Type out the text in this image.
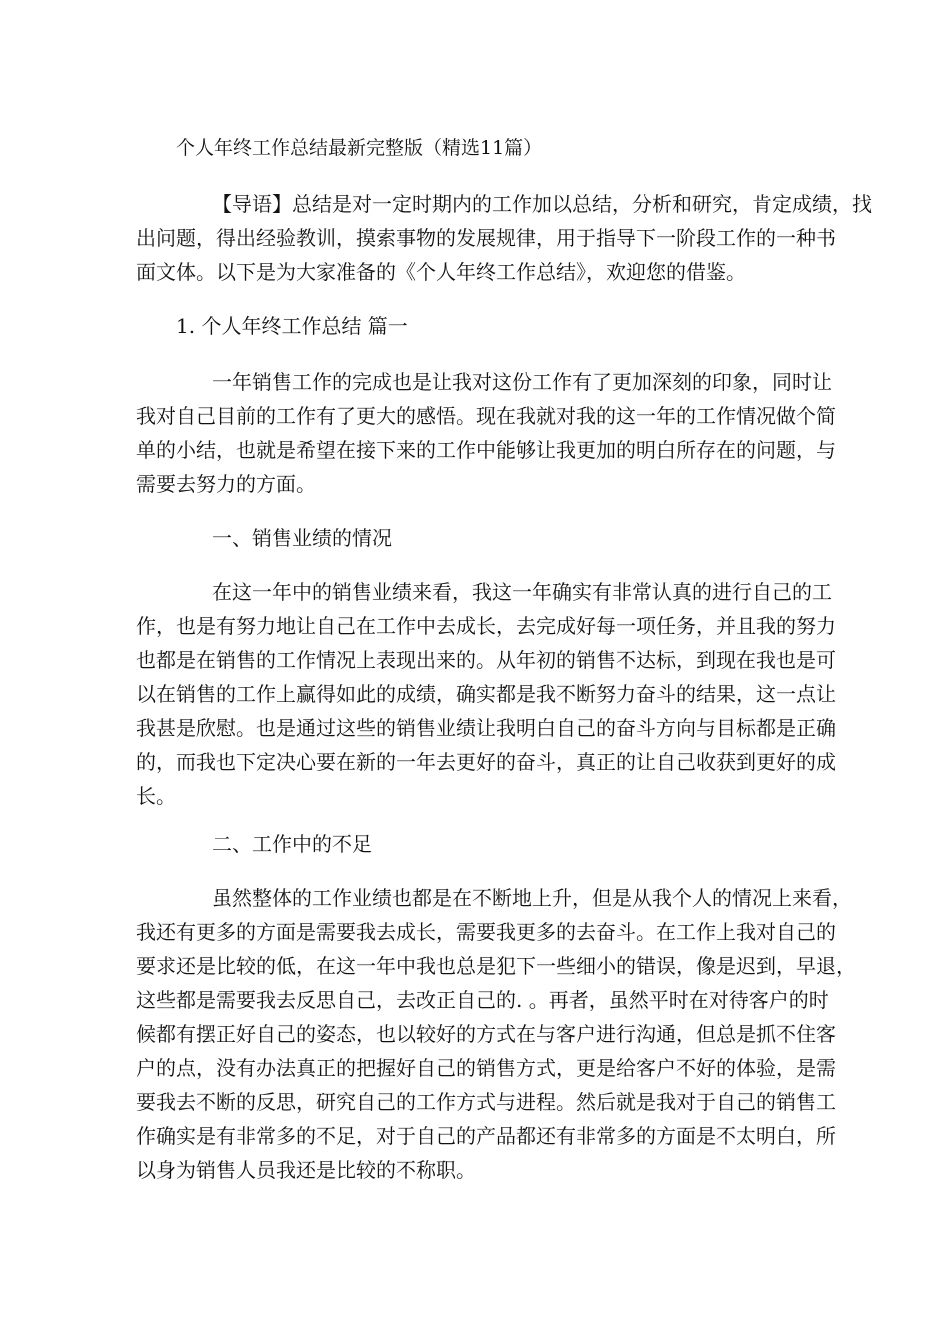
个人年终工作总结最新完整版（精选11篇）

【导语】总结是对一定时期内的工作加以总结，分析和研究，肯定成绩，找

出问题，得出经验教训，摸索事物的发展规律，用于指导下一阶段工作的一种书

面文体。以下是为大家准备的《个人年终工作总结》，欢迎您的借鉴。

1. 个人年终工作总结 篇一

一年销售工作的完成也是让我对这份工作有了更加深刻的印象，同时让

我对自己目前的工作有了更大的感悟。现在我就对我的这一年的工作情况做个简

单的小结，也就是希望在接下来的工作中能够让我更加的明白所存在的问题，与

需要去努力的方面。

一、销售业绩的情况

在这一年中的销售业绩来看，我这一年确实有非常认真的进行自己的工

作，也是有努力地让自己在工作中去成长，去完成好每一项任务，并且我的努力

也都是在销售的工作情况上表现出来的。从年初的销售不达标，到现在我也是可

以在销售的工作上赢得如此的成绩，确实都是我不断努力奋斗的结果，这一点让

我甚是欣慰。也是通过这些的销售业绩让我明白自己的奋斗方向与目标都是正确

的，而我也下定决心要在新的一年去更好的奋斗，真正的让自己收获到更好的成

长。

二、工作中的不足

虽然整体的工作业绩也都是在不断地上升，但是从我个人的情况上来看，

我还有更多的方面是需要我去成长，需要我更多的去奋斗。在工作上我对自己的

要求还是比较的低，在这一年中我也总是犯下一些细小的错误，像是迟到，早退，

这些都是需要我去反思自己，去改正自己的. 。再者，虽然平时在对待客户的时

候都有摆正好自己的姿态，也以较好的方式在与客户进行沟通，但总是抓不住客

户的点，没有办法真正的把握好自己的销售方式，更是给客户不好的体验，是需

要我去不断的反思，研究自己的工作方式与进程。然后就是我对于自己的销售工

作确实是有非常多的不足，对于自己的产品都还有非常多的方面是不太明白，所

以身为销售人员我还是比较的不称职。
